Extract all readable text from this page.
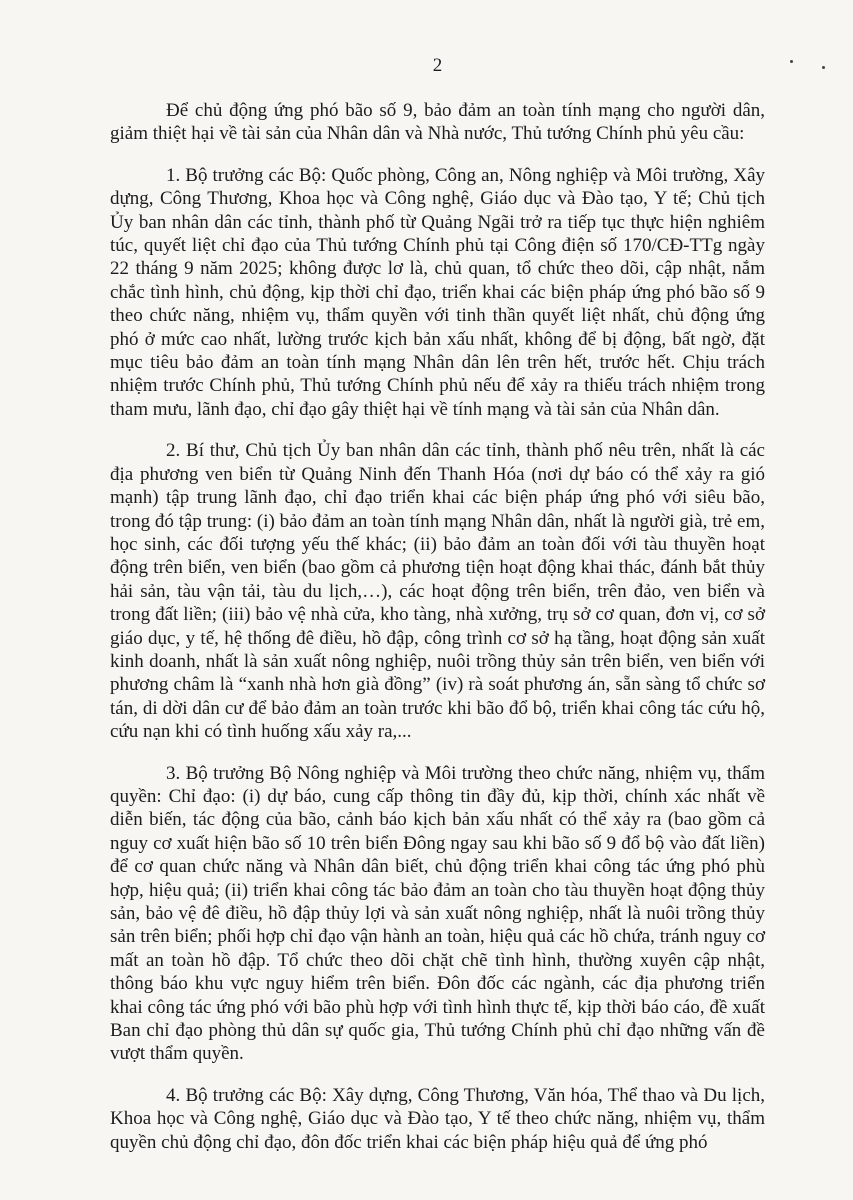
2

Để chủ động ứng phó bão số 9, bảo đảm an toàn tính mạng cho người dân, giảm thiệt hại về tài sản của Nhân dân và Nhà nước, Thủ tướng Chính phủ yêu cầu:

1. Bộ trưởng các Bộ: Quốc phòng, Công an, Nông nghiệp và Môi trường, Xây dựng, Công Thương, Khoa học và Công nghệ, Giáo dục và Đào tạo, Y tế; Chủ tịch Ủy ban nhân dân các tỉnh, thành phố từ Quảng Ngãi trở ra tiếp tục thực hiện nghiêm túc, quyết liệt chỉ đạo của Thủ tướng Chính phủ tại Công điện số 170/CĐ-TTg ngày 22 tháng 9 năm 2025; không được lơ là, chủ quan, tổ chức theo dõi, cập nhật, nắm chắc tình hình, chủ động, kịp thời chỉ đạo, triển khai các biện pháp ứng phó bão số 9 theo chức năng, nhiệm vụ, thẩm quyền với tinh thần quyết liệt nhất, chủ động ứng phó ở mức cao nhất, lường trước kịch bản xấu nhất, không để bị động, bất ngờ, đặt mục tiêu bảo đảm an toàn tính mạng Nhân dân lên trên hết, trước hết. Chịu trách nhiệm trước Chính phủ, Thủ tướng Chính phủ nếu để xảy ra thiếu trách nhiệm trong tham mưu, lãnh đạo, chỉ đạo gây thiệt hại về tính mạng và tài sản của Nhân dân.

2. Bí thư, Chủ tịch Ủy ban nhân dân các tỉnh, thành phố nêu trên, nhất là các địa phương ven biển từ Quảng Ninh đến Thanh Hóa (nơi dự báo có thể xảy ra gió mạnh) tập trung lãnh đạo, chỉ đạo triển khai các biện pháp ứng phó với siêu bão, trong đó tập trung: (i) bảo đảm an toàn tính mạng Nhân dân, nhất là người già, trẻ em, học sinh, các đối tượng yếu thế khác; (ii) bảo đảm an toàn đối với tàu thuyền hoạt động trên biển, ven biển (bao gồm cả phương tiện hoạt động khai thác, đánh bắt thủy hải sản, tàu vận tải, tàu du lịch,…), các hoạt động trên biển, trên đảo, ven biển và trong đất liền; (iii) bảo vệ nhà cửa, kho tàng, nhà xưởng, trụ sở cơ quan, đơn vị, cơ sở giáo dục, y tế, hệ thống đê điều, hồ đập, công trình cơ sở hạ tầng, hoạt động sản xuất kinh doanh, nhất là sản xuất nông nghiệp, nuôi trồng thủy sản trên biển, ven biển với phương châm là “xanh nhà hơn già đồng” (iv) rà soát phương án, sẵn sàng tổ chức sơ tán, di dời dân cư để bảo đảm an toàn trước khi bão đổ bộ, triển khai công tác cứu hộ, cứu nạn khi có tình huống xấu xảy ra,...

3. Bộ trưởng Bộ Nông nghiệp và Môi trường theo chức năng, nhiệm vụ, thẩm quyền: Chỉ đạo: (i) dự báo, cung cấp thông tin đầy đủ, kịp thời, chính xác nhất về diễn biến, tác động của bão, cảnh báo kịch bản xấu nhất có thể xảy ra (bao gồm cả nguy cơ xuất hiện bão số 10 trên biển Đông ngay sau khi bão số 9 đổ bộ vào đất liền) để cơ quan chức năng và Nhân dân biết, chủ động triển khai công tác ứng phó phù hợp, hiệu quả; (ii) triển khai công tác bảo đảm an toàn cho tàu thuyền hoạt động thủy sản, bảo vệ đê điều, hồ đập thủy lợi và sản xuất nông nghiệp, nhất là nuôi trồng thủy sản trên biển; phối hợp chỉ đạo vận hành an toàn, hiệu quả các hồ chứa, tránh nguy cơ mất an toàn hồ đập. Tổ chức theo dõi chặt chẽ tình hình, thường xuyên cập nhật, thông báo khu vực nguy hiểm trên biển. Đôn đốc các ngành, các địa phương triển khai công tác ứng phó với bão phù hợp với tình hình thực tế, kịp thời báo cáo, đề xuất Ban chỉ đạo phòng thủ dân sự quốc gia, Thủ tướng Chính phủ chỉ đạo những vấn đề vượt thẩm quyền.

4. Bộ trưởng các Bộ: Xây dựng, Công Thương, Văn hóa, Thể thao và Du lịch, Khoa học và Công nghệ, Giáo dục và Đào tạo, Y tế theo chức năng, nhiệm vụ, thẩm quyền chủ động chỉ đạo, đôn đốc triển khai các biện pháp hiệu quả để ứng phó
